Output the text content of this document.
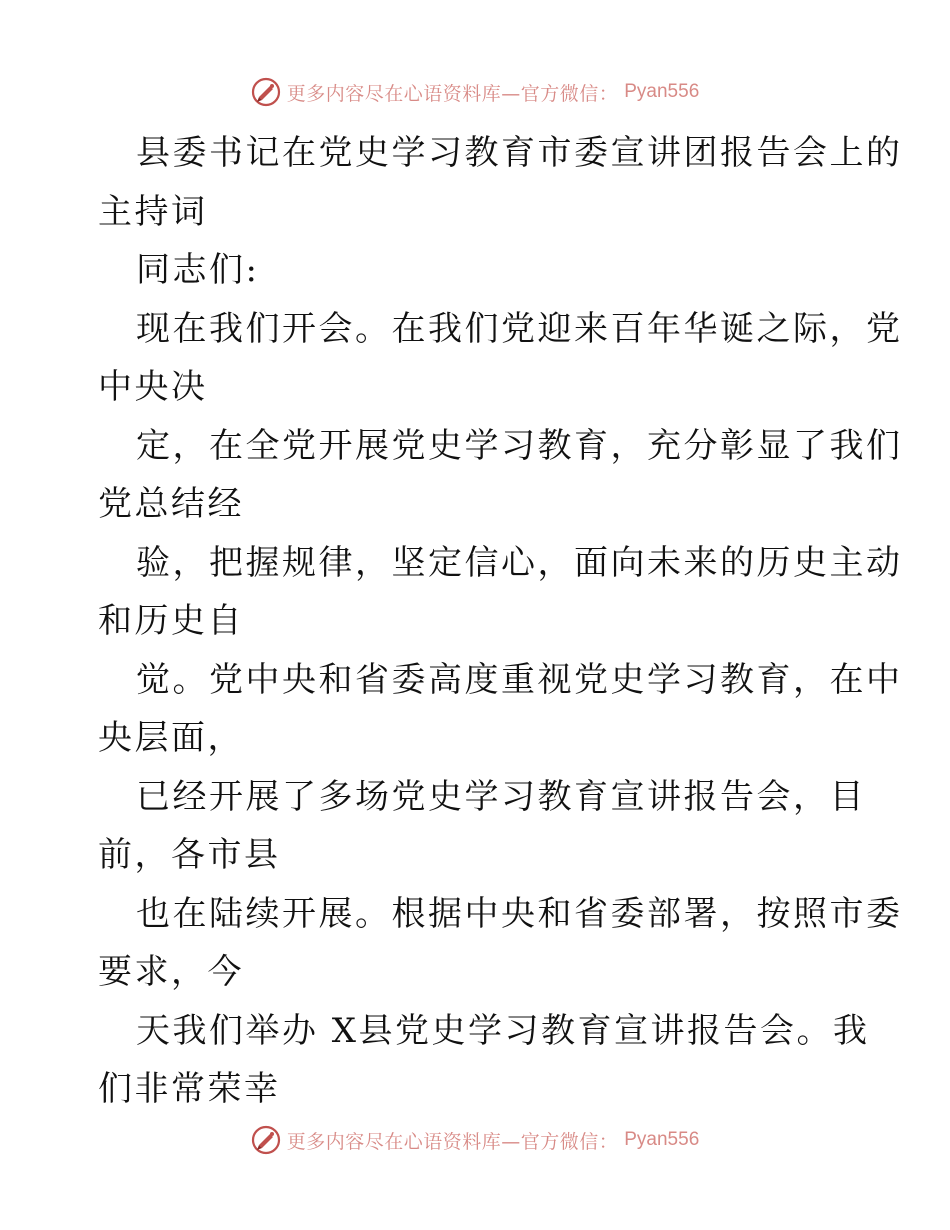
更多内容尽在心语资料库—官方微信： Pyan556
县委书记在党史学习教育市委宣讲团报告会上的
主持词
同志们:
现在我们开会。在我们党迎来百年华诞之际，党
中央决
定，在全党开展党史学习教育，充分彰显了我们
党总结经
验，把握规律，坚定信心，面向未来的历史主动
和历史自
觉。党中央和省委高度重视党史学习教育，在中
央层面，
已经开展了多场党史学习教育宣讲报告会，目
前，各市县
也在陆续开展。根据中央和省委部署，按照市委
要求，今
天我们举办 X县党史学习教育宣讲报告会。我
们非常荣幸
更多内容尽在心语资料库—官方微信： Pyan556
